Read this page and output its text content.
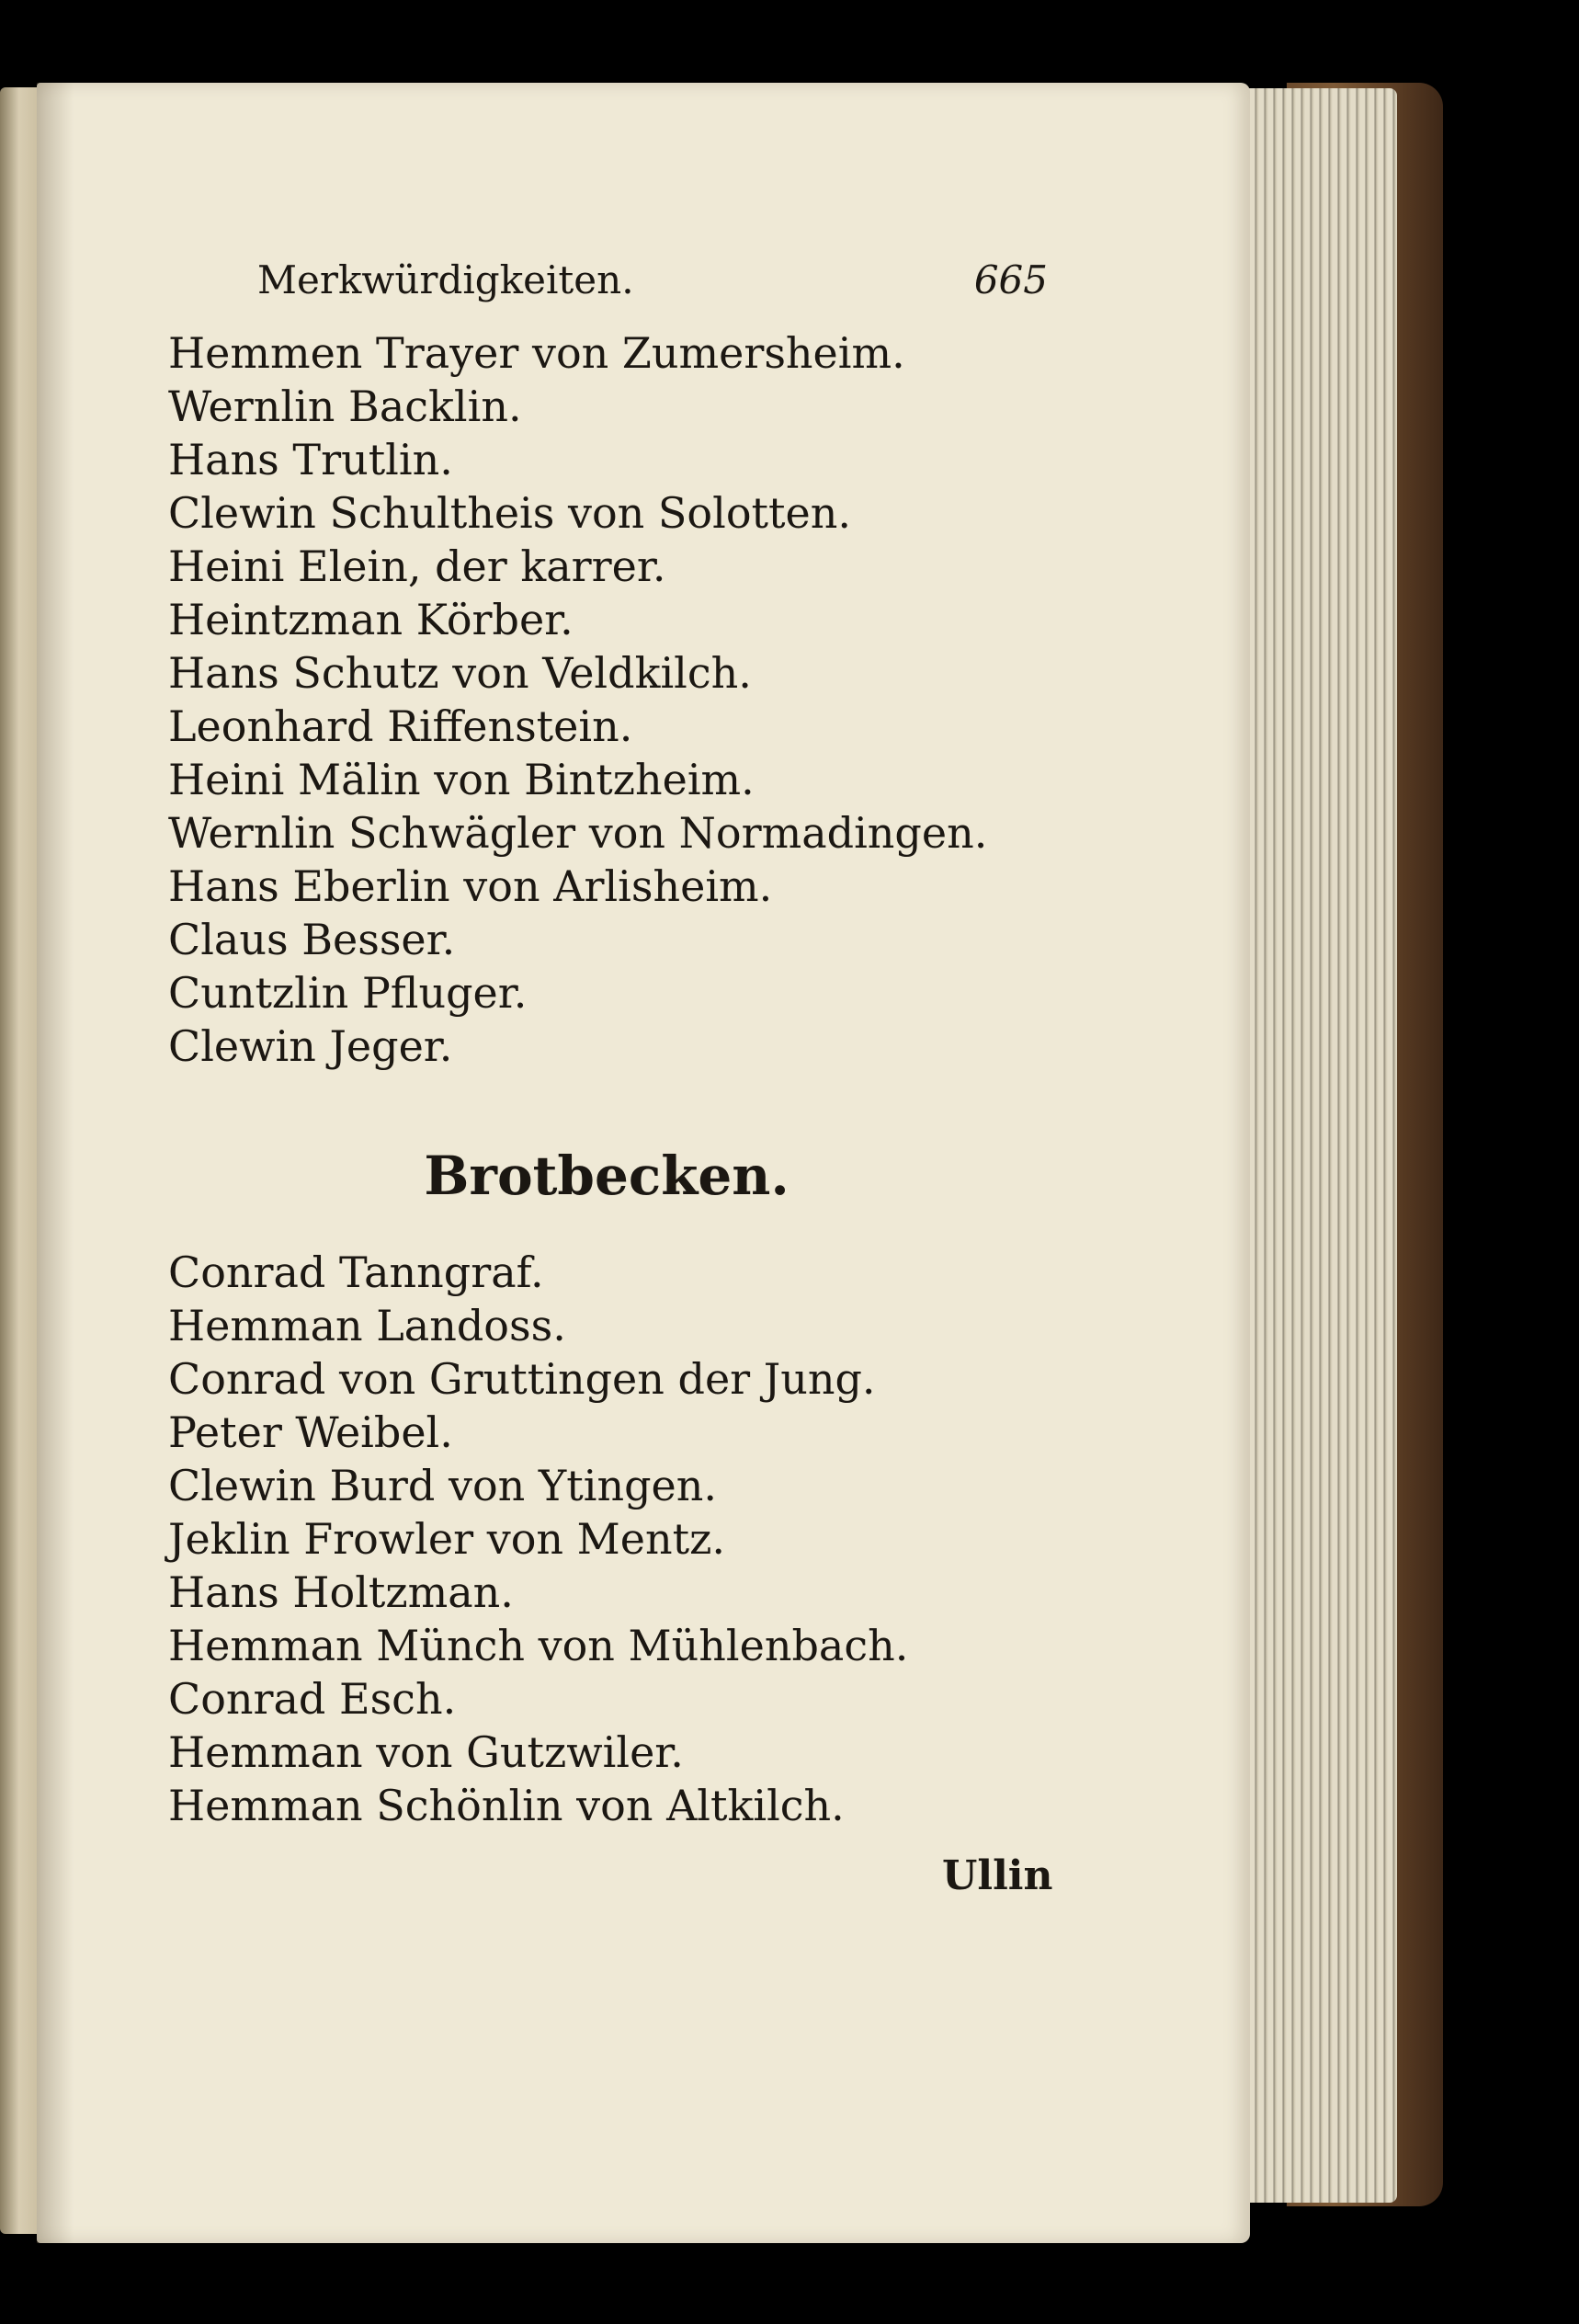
Merkwürdigkeiten.	665
Hemmen Trayer von Zumersheim.
Wernlin Backlin.
Hans Trutlin.
Clewin Schultheis von Solotten.
Heini Elein, der karrer.
Heintzman Körber.
Hans Schutz von Veldkilch.
Leonhard Riffenstein.
Heini Mälin von Bintzheim.
Wernlin Schwägler von Normadingen.
Hans Eberlin von Arlisheim.
Claus Besser.
Cuntzlin Pfluger.
Clewin Jeger.
Brotbecken.
Conrad Tanngraf.
Hemman Landoss.
Conrad von Gruttingen der Jung.
Peter Weibel.
Clewin Burd von Ytingen.
Jeklin Frowler von Mentz.
Hans Holtzman.
Hemman Münch von Mühlenbach.
Conrad Esch.
Hemman von Gutzwiler.
Hemman Schönlin von Altkilch.
Ullin
